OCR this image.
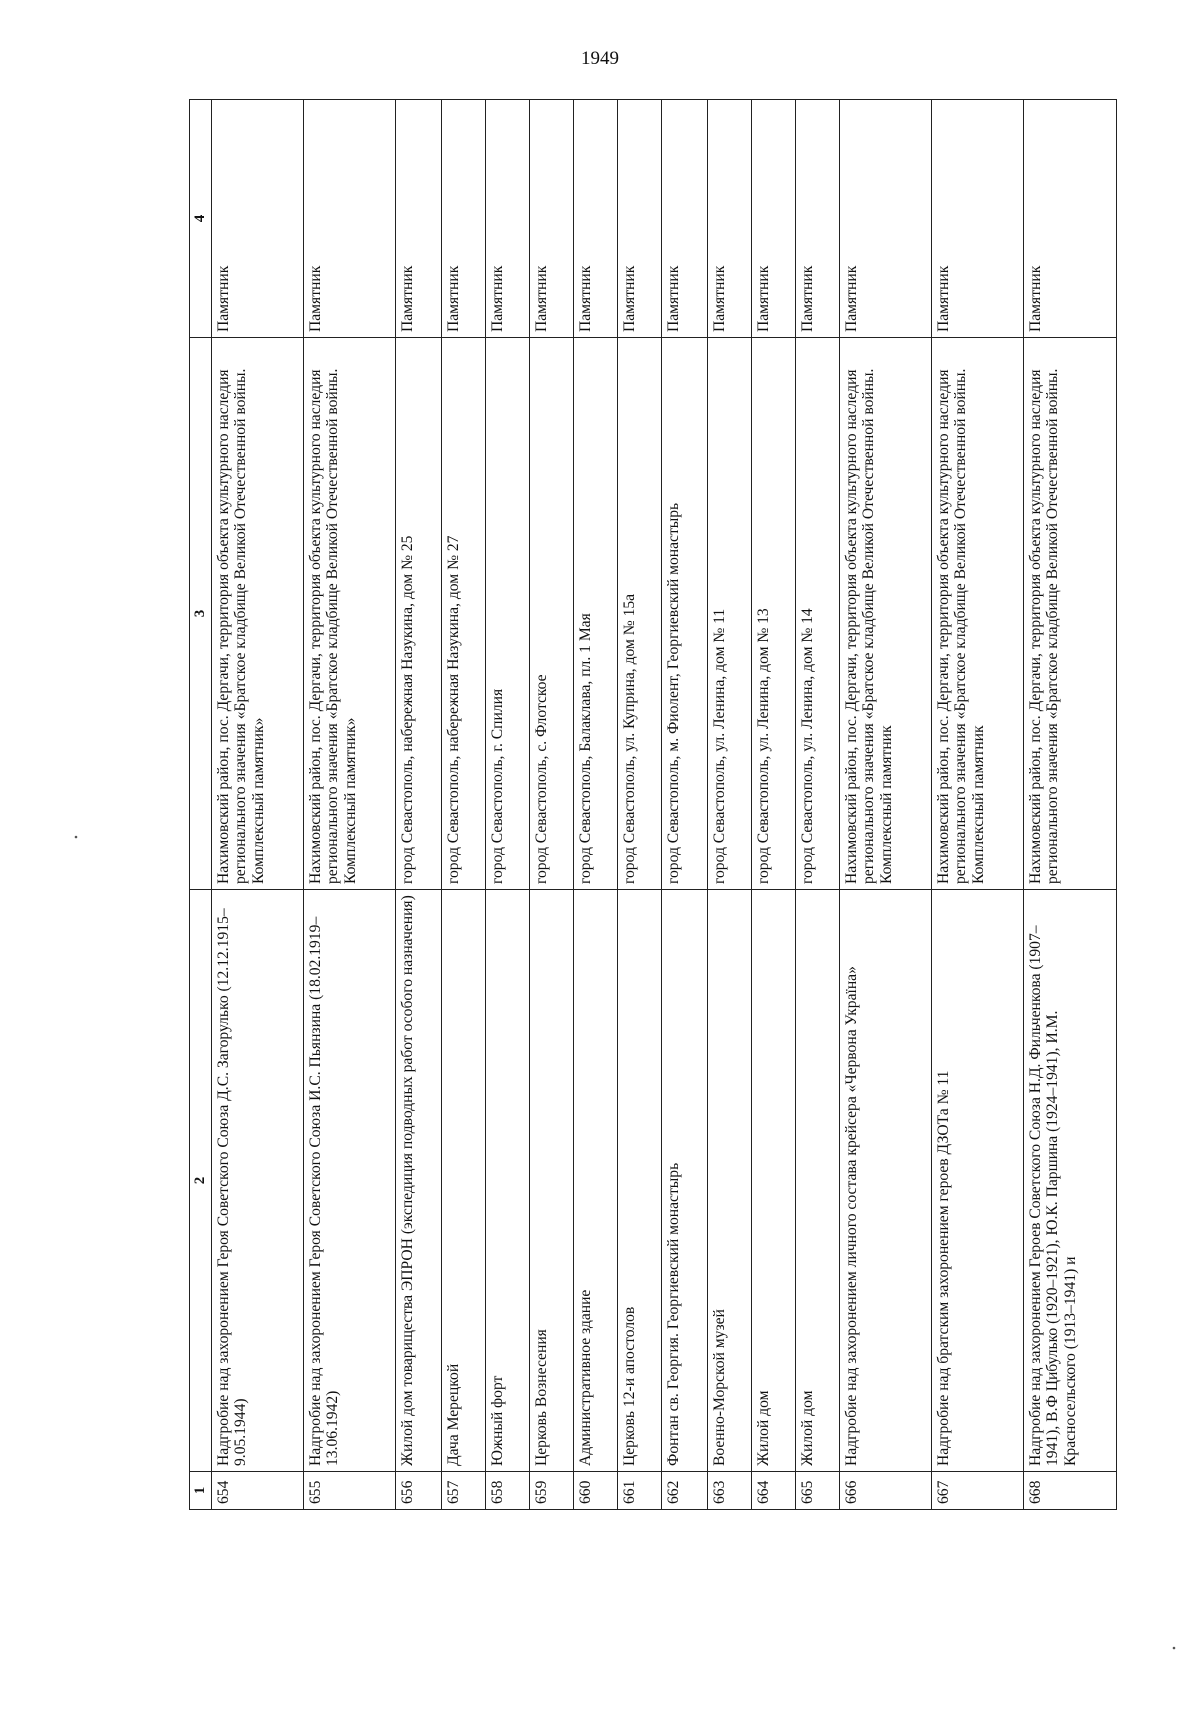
1949
1	2	3	4
654	Надгробие над захоронением Героя Советского Союза Д.С. Загорулько (12.12.1915–9.05.1944)	Нахимовский район, пос. Дергачи, территория объекта культурного наследия регионального значения «Братское кладбище Великой Отечественной войны. Комплексный памятник»	Памятник
655	Надгробие над захоронением Героя Советского Союза И.С. Пьянзина (18.02.1919–13.06.1942)	Нахимовский район, пос. Дергачи, территория объекта культурного наследия регионального значения «Братское кладбище Великой Отечественной войны. Комплексный памятник»	Памятник
656	Жилой дом товарищества ЭПРОН (экспедиция подводных работ особого назначения)	город Севастополь, набережная Назукина, дом № 25	Памятник
657	Дача Мерецкой	город Севастополь, набережная Назукина, дом № 27	Памятник
658	Южный форт	город Севастополь, г. Спилия	Памятник
659	Церковь Вознесения	город Севастополь, с. Флотское	Памятник
660	Административное здание	город Севастополь, Балаклава, пл. 1 Мая	Памятник
661	Церковь 12-и апостолов	город Севастополь, ул. Куприна, дом № 15а	Памятник
662	Фонтан св. Георгия. Георгиевский монастырь	город Севастополь, м. Фиолент, Георгиевский монастырь	Памятник
663	Военно-Морской музей	город Севастополь, ул. Ленина, дом № 11	Памятник
664	Жилой дом	город Севастополь, ул. Ленина, дом № 13	Памятник
665	Жилой дом	город Севастополь, ул. Ленина, дом № 14	Памятник
666	Надгробие над захоронением личного состава крейсера «Червона Украïна»	Нахимовский район, пос. Дергачи, территория объекта культурного наследия регионального значения «Братское кладбище Великой Отечественной войны. Комплексный памятник	Памятник
667	Надгробие над братским захоронением героев ДЗОТа № 11	Нахимовский район, пос. Дергачи, территория объекта культурного наследия регионального значения «Братское кладбище Великой Отечественной войны. Комплексный памятник	Памятник
668	Надгробие над захоронением Героев Советского Союза Н.Д. Фильченкова (1907–1941), В.Ф Цибулько (1920–1921), Ю.К. Паршина (1924–1941), И.М. Красносельского (1913–1941) и	Нахимовский район, пос. Дергачи, территория объекта культурного наследия регионального значения «Братское кладбище Великой Отечественной войны.	Памятник
